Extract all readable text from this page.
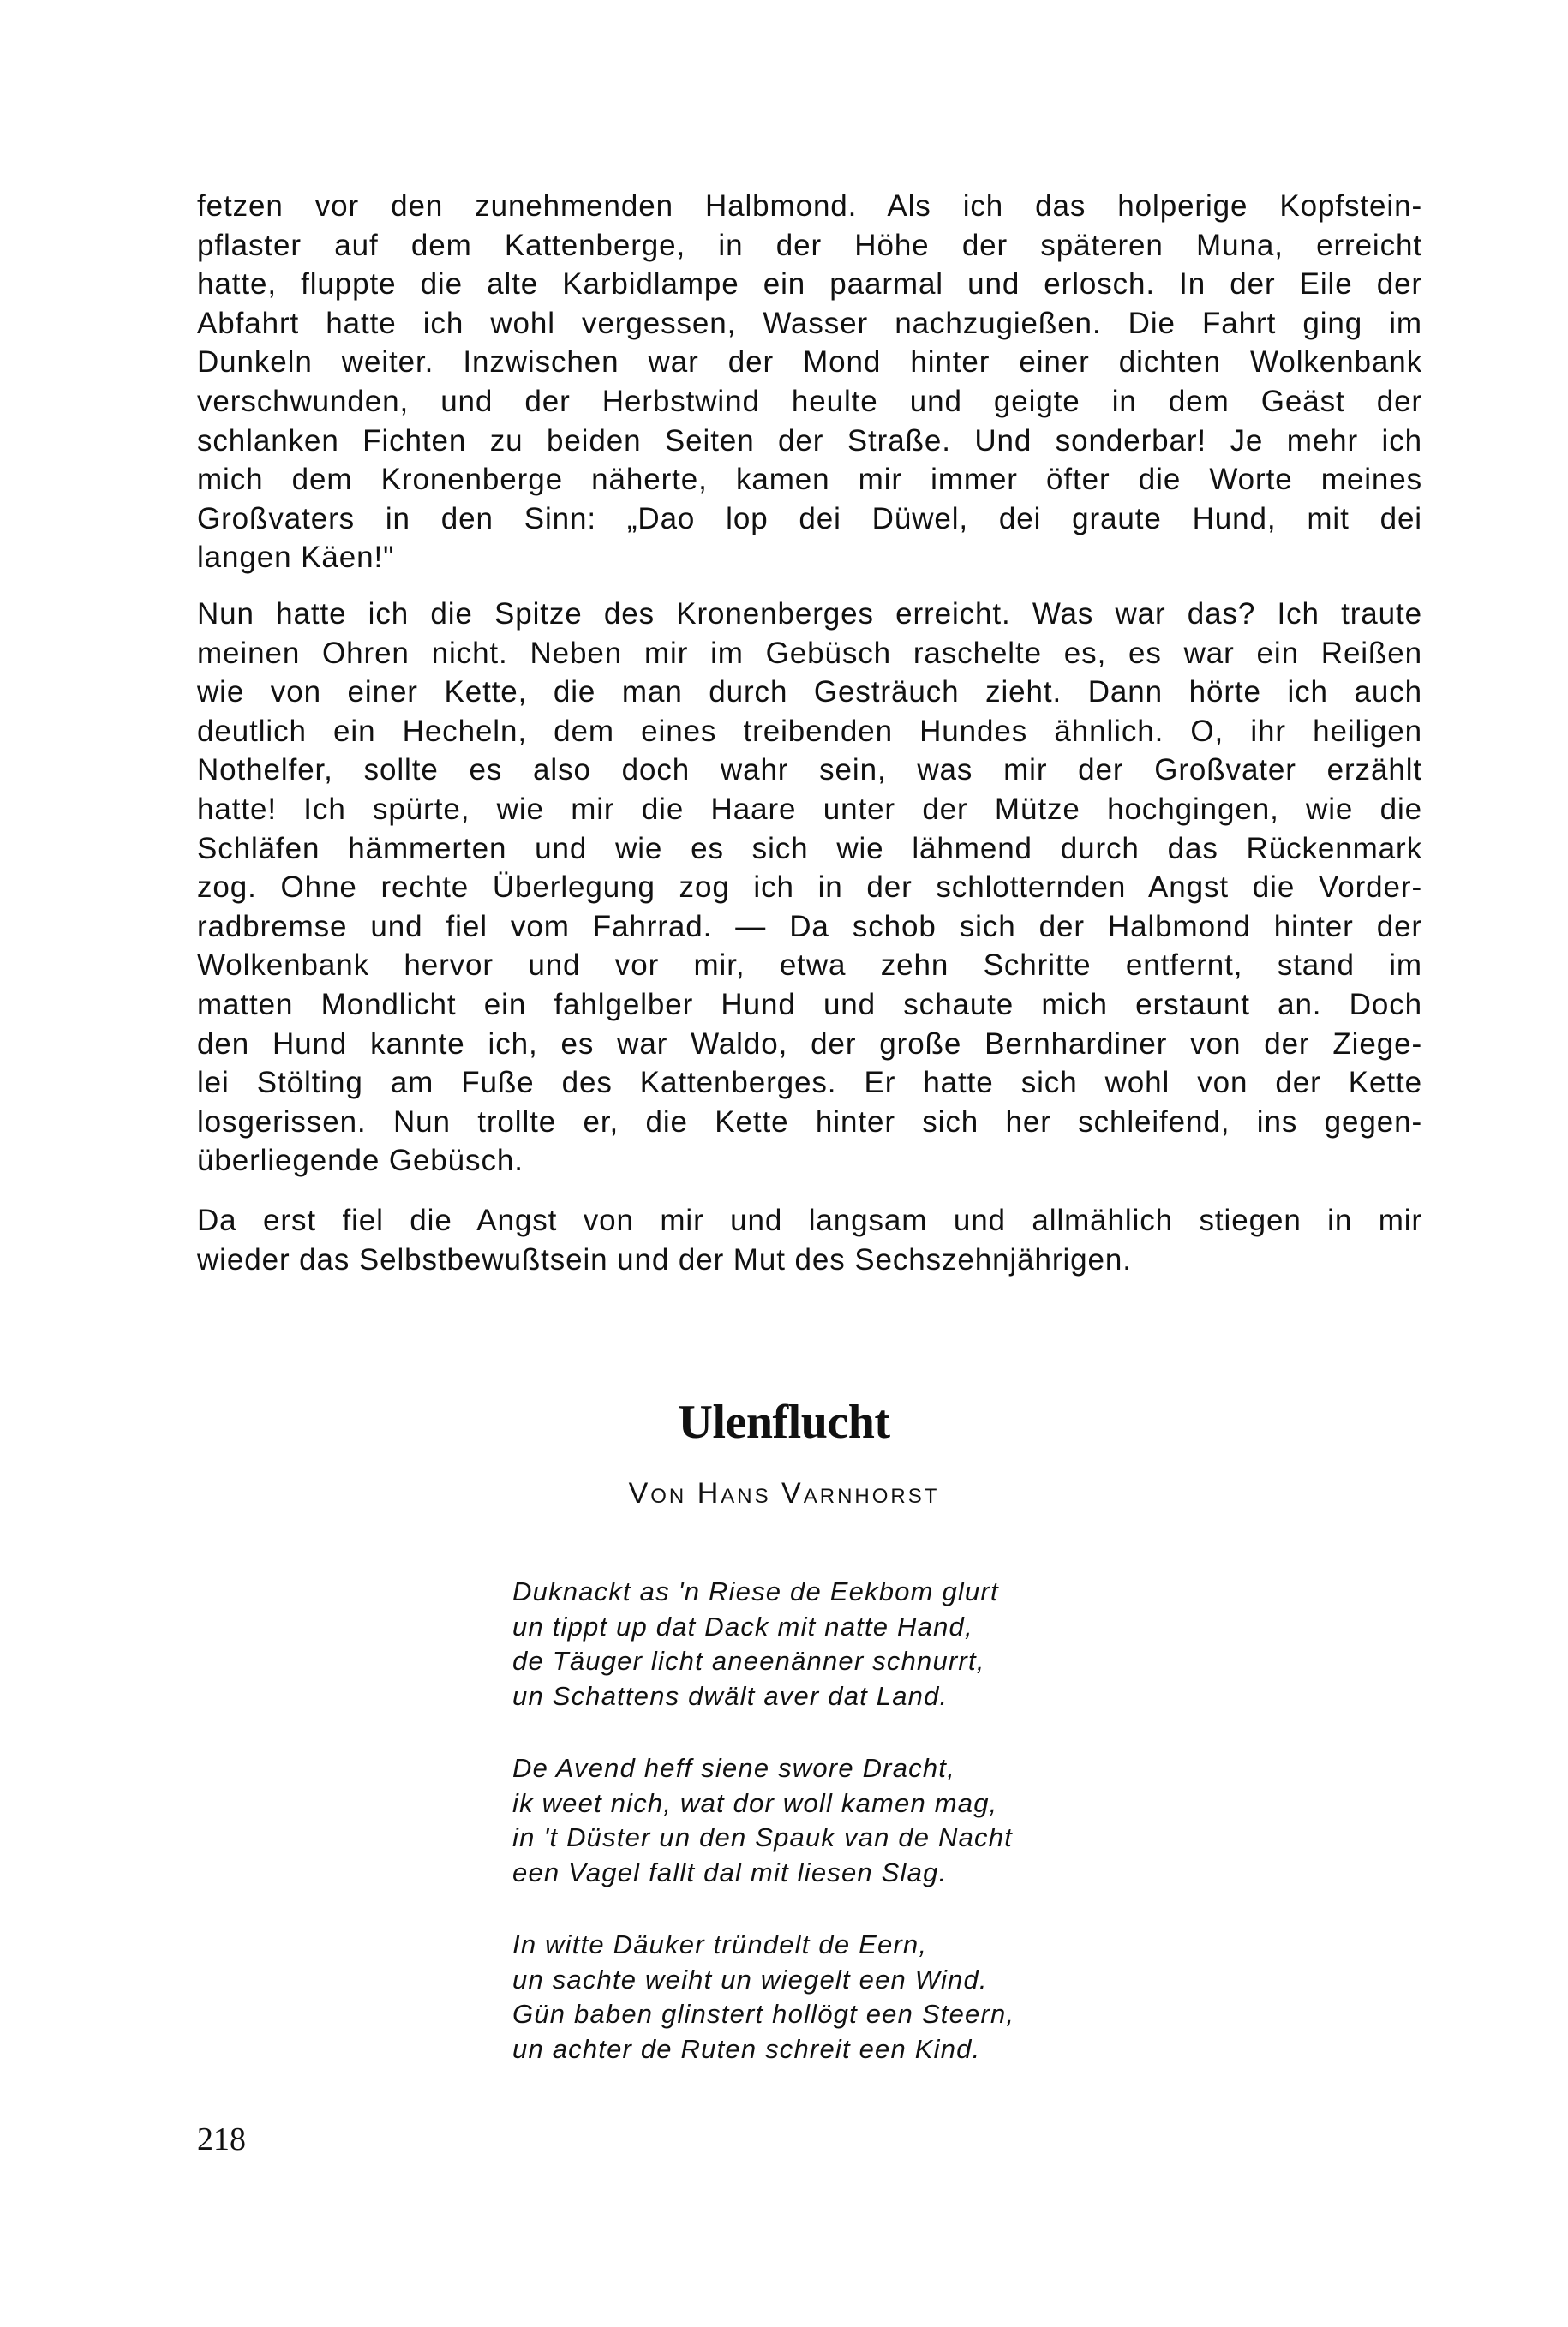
fetzen vor den zunehmenden Halbmond. Als ich das holperige Kopfstein-
pflaster auf dem Kattenberge, in der Höhe der späteren Muna, erreicht
hatte, fluppte die alte Karbidlampe ein paarmal und erlosch. In der Eile der
Abfahrt hatte ich wohl vergessen, Wasser nachzugießen. Die Fahrt ging im
Dunkeln weiter. Inzwischen war der Mond hinter einer dichten Wolkenbank
verschwunden, und der Herbstwind heulte und geigte in dem Geäst der
schlanken Fichten zu beiden Seiten der Straße. Und sonderbar! Je mehr ich
mich dem Kronenberge näherte, kamen mir immer öfter die Worte meines
Großvaters in den Sinn: „Dao lop dei Düwel, dei graute Hund, mit dei
langen Käen!"
Nun hatte ich die Spitze des Kronenberges erreicht. Was war das? Ich traute
meinen Ohren nicht. Neben mir im Gebüsch raschelte es, es war ein Reißen
wie von einer Kette, die man durch Gesträuch zieht. Dann hörte ich auch
deutlich ein Hecheln, dem eines treibenden Hundes ähnlich. O, ihr heiligen
Nothelfer, sollte es also doch wahr sein, was mir der Großvater erzählt
hatte! Ich spürte, wie mir die Haare unter der Mütze hochgingen, wie die
Schläfen hämmerten und wie es sich wie lähmend durch das Rückenmark
zog. Ohne rechte Überlegung zog ich in der schlotternden Angst die Vorder-
radbremse und fiel vom Fahrrad. — Da schob sich der Halbmond hinter der
Wolkenbank hervor und vor mir, etwa zehn Schritte entfernt, stand im
matten Mondlicht ein fahlgelber Hund und schaute mich erstaunt an. Doch
den Hund kannte ich, es war Waldo, der große Bernhardiner von der Ziege-
lei Stölting am Fuße des Kattenberges. Er hatte sich wohl von der Kette
losgerissen. Nun trollte er, die Kette hinter sich her schleifend, ins gegen-
überliegende Gebüsch.
Da erst fiel die Angst von mir und langsam und allmählich stiegen in mir
wieder das Selbstbewußtsein und der Mut des Sechszehnjährigen.
Ulenflucht
Von Hans Varnhorst
Duknackt as 'n Riese de Eekbom glurt
un tippt up dat Dack mit natte Hand,
de Täuger licht aneenänner schnurrt,
un Schattens dwält aver dat Land.
De Avend heff siene swore Dracht,
ik weet nich, wat dor woll kamen mag,
in 't Düster un den Spauk van de Nacht
een Vagel fallt dal mit liesen Slag.
In witte Däuker tründelt de Eern,
un sachte weiht un wiegelt een Wind.
Gün baben glinstert hollögt een Steern,
un achter de Ruten schreit een Kind.
218
